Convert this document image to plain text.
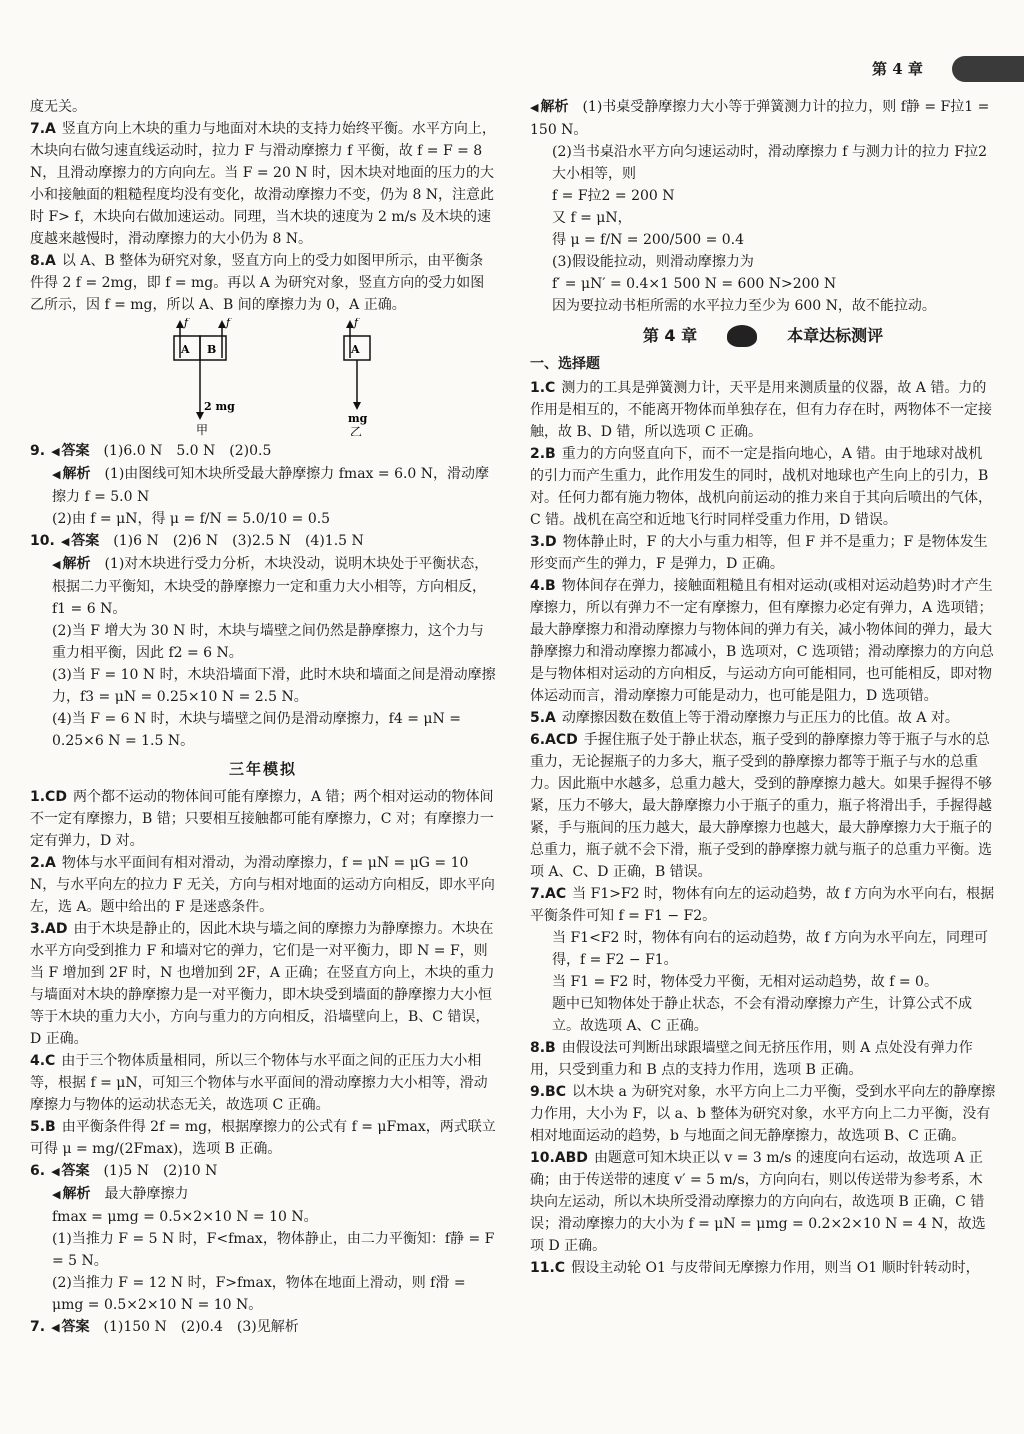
第 4 章

度无关。

7.A 竖直方向上木块的重力与地面对木块的支持力始终平衡。水平方向上，木块向右做匀速直线运动时，拉力 F 与滑动摩擦力 f 平衡，故 f = F = 8 N，且滑动摩擦力的方向向左。当 F = 20 N 时，因木块对地面的压力的大小和接触面的粗糙程度均没有变化，故滑动摩擦力不变，仍为 8 N，注意此时 F> f，木块向右做加速运动。同理，当木块的速度为 2 m/s 及木块的速度越来越慢时，滑动摩擦力的大小仍为 8 N。

8.A 以 A、B 整体为研究对象，竖直方向上的受力如图甲所示，由平衡条件得 2 f = 2mg，即 f = mg。再以 A 为研究对象，竖直方向的受力如图乙所示，因 f = mg，所以 A、B 间的摩擦力为 0，A 正确。

f	f
A B
2 mg
甲
f
A
mg
乙

9. ◀ 答案　 (1)6.0 N　5.0 N　(2)0.5

◀ 解析　 (1)由图线可知木块所受最大静摩擦力 fmax = 6.0 N，滑动摩擦力 f = 5.0 N

(2)由 f = μN，得 μ = f/N = 5.0/10 = 0.5

10. ◀ 答案　 (1)6 N　(2)6 N　(3)2.5 N　(4)1.5 N

◀ 解析　 (1)对木块进行受力分析，木块没动，说明木块处于平衡状态，根据二力平衡知，木块受的静摩擦力一定和重力大小相等，方向相反，f1 = 6 N。

(2)当 F 增大为 30 N 时，木块与墙壁之间仍然是静摩擦力，这个力与重力相平衡，因此 f2 = 6 N。

(3)当 F = 10 N 时，木块沿墙面下滑，此时木块和墙面之间是滑动摩擦力，f3 = μN = 0.25×10 N = 2.5 N。

(4)当 F = 6 N 时，木块与墙壁之间仍是滑动摩擦力，f4 = μN = 0.25×6 N = 1.5 N。

三年模拟

1.CD 两个都不运动的物体间可能有摩擦力，A 错；两个相对运动的物体间不一定有摩擦力，B 错；只要相互接触都可能有摩擦力，C 对；有摩擦力一定有弹力，D 对。

2.A 物体与水平面间有相对滑动，为滑动摩擦力，f = μN = μG = 10 N，与水平向左的拉力 F 无关，方向与相对地面的运动方向相反，即水平向左，选 A。题中给出的 F 是迷惑条件。

3.AD 由于木块是静止的，因此木块与墙之间的摩擦力为静摩擦力。木块在水平方向受到推力 F 和墙对它的弹力，它们是一对平衡力，即 N = F，则当 F 增加到 2F 时，N 也增加到 2F，A 正确；在竖直方向上，木块的重力与墙面对木块的静摩擦力是一对平衡力，即木块受到墙面的静摩擦力大小恒等于木块的重力大小，方向与重力的方向相反，沿墙壁向上，B、C 错误，D 正确。

4.C 由于三个物体质量相同，所以三个物体与水平面之间的正压力大小相等，根据 f = μN，可知三个物体与水平面间的滑动摩擦力大小相等，滑动摩擦力与物体的运动状态无关，故选项 C 正确。

5.B 由平衡条件得 2f = mg，根据摩擦力的公式有 f = μFmax，两式联立可得 μ = mg/(2Fmax)，选项 B 正确。

6. ◀ 答案　 (1)5 N　(2)10 N

◀ 解析　 最大静摩擦力

fmax = μmg = 0.5×2×10 N = 10 N。

(1)当推力 F = 5 N 时，F<fmax，物体静止，由二力平衡知：f静 = F = 5 N。

(2)当推力 F = 12 N 时，F>fmax，物体在地面上滑动，则 f滑 = μmg = 0.5×2×10 N = 10 N。

7. ◀ 答案　 (1)150 N　(2)0.4　(3)见解析

◀ 解析　 (1)书桌受静摩擦力大小等于弹簧测力计的拉力，则 f静 = F拉1 = 150 N。

(2)当书桌沿水平方向匀速运动时，滑动摩擦力 f 与测力计的拉力 F拉2 大小相等，则

f = F拉2 = 200 N

又 f = μN，

得 μ = f/N = 200/500 = 0.4

(3)假设能拉动，则滑动摩擦力为

f′ = μN′ = 0.4×1 500 N = 600 N>200 N

因为要拉动书柜所需的水平拉力至少为 600 N，故不能拉动。

第 4 章	本章达标测评

一、选择题

1.C 测力的工具是弹簧测力计，天平是用来测质量的仪器，故 A 错。力的作用是相互的，不能离开物体而单独存在，但有力存在时，两物体不一定接触，故 B、D 错，所以选项 C 正确。

2.B 重力的方向竖直向下，而不一定是指向地心，A 错。由于地球对战机的引力而产生重力，此作用发生的同时，战机对地球也产生向上的引力，B 对。任何力都有施力物体，战机向前运动的推力来自于其向后喷出的气体，C 错。战机在高空和近地飞行时同样受重力作用，D 错误。

3.D 物体静止时，F 的大小与重力相等，但 F 并不是重力；F 是物体发生形变而产生的弹力，F 是弹力，D 正确。

4.B 物体间存在弹力，接触面粗糙且有相对运动(或相对运动趋势)时才产生摩擦力，所以有弹力不一定有摩擦力，但有摩擦力必定有弹力，A 选项错；最大静摩擦力和滑动摩擦力与物体间的弹力有关，减小物体间的弹力，最大静摩擦力和滑动摩擦力都减小，B 选项对，C 选项错；滑动摩擦力的方向总是与物体相对运动的方向相反，与运动方向可能相同，也可能相反，即对物体运动而言，滑动摩擦力可能是动力，也可能是阻力，D 选项错。

5.A 动摩擦因数在数值上等于滑动摩擦力与正压力的比值。故 A 对。

6.ACD 手握住瓶子处于静止状态，瓶子受到的静摩擦力等于瓶子与水的总重力，无论握瓶子的力多大，瓶子受到的静摩擦力都等于瓶子与水的总重力。因此瓶中水越多，总重力越大，受到的静摩擦力越大。如果手握得不够紧，压力不够大，最大静摩擦力小于瓶子的重力，瓶子将滑出手，手握得越紧，手与瓶间的压力越大，最大静摩擦力也越大，最大静摩擦力大于瓶子的总重力，瓶子就不会下滑，瓶子受到的静摩擦力就与瓶子的总重力平衡。选项 A、C、D 正确，B 错误。

7.AC 当 F1>F2 时，物体有向左的运动趋势，故 f 方向为水平向右，根据平衡条件可知 f = F1 − F2。

当 F1<F2 时，物体有向右的运动趋势，故 f 方向为水平向左，同理可得，f = F2 − F1。

当 F1 = F2 时，物体受力平衡，无相对运动趋势，故 f = 0。

题中已知物体处于静止状态，不会有滑动摩擦力产生，计算公式不成立。故选项 A、C 正确。

8.B 由假设法可判断出球跟墙壁之间无挤压作用，则 A 点处没有弹力作用，只受到重力和 B 点的支持力作用，选项 B 正确。

9.BC 以木块 a 为研究对象，水平方向上二力平衡，受到水平向左的静摩擦力作用，大小为 F，以 a、b 整体为研究对象，水平方向上二力平衡，没有相对地面运动的趋势，b 与地面之间无静摩擦力，故选项 B、C 正确。

10.ABD 由题意可知木块正以 v = 3 m/s 的速度向右运动，故选项 A 正确；由于传送带的速度 v′ = 5 m/s，方向向右，则以传送带为参考系，木块向左运动，所以木块所受滑动摩擦力的方向向右，故选项 B 正确，C 错误；滑动摩擦力的大小为 f = μN = μmg = 0.2×2×10 N = 4 N，故选项 D 正确。

11.C 假设主动轮 O1 与皮带间无摩擦力作用，则当 O1 顺时针转动时，
